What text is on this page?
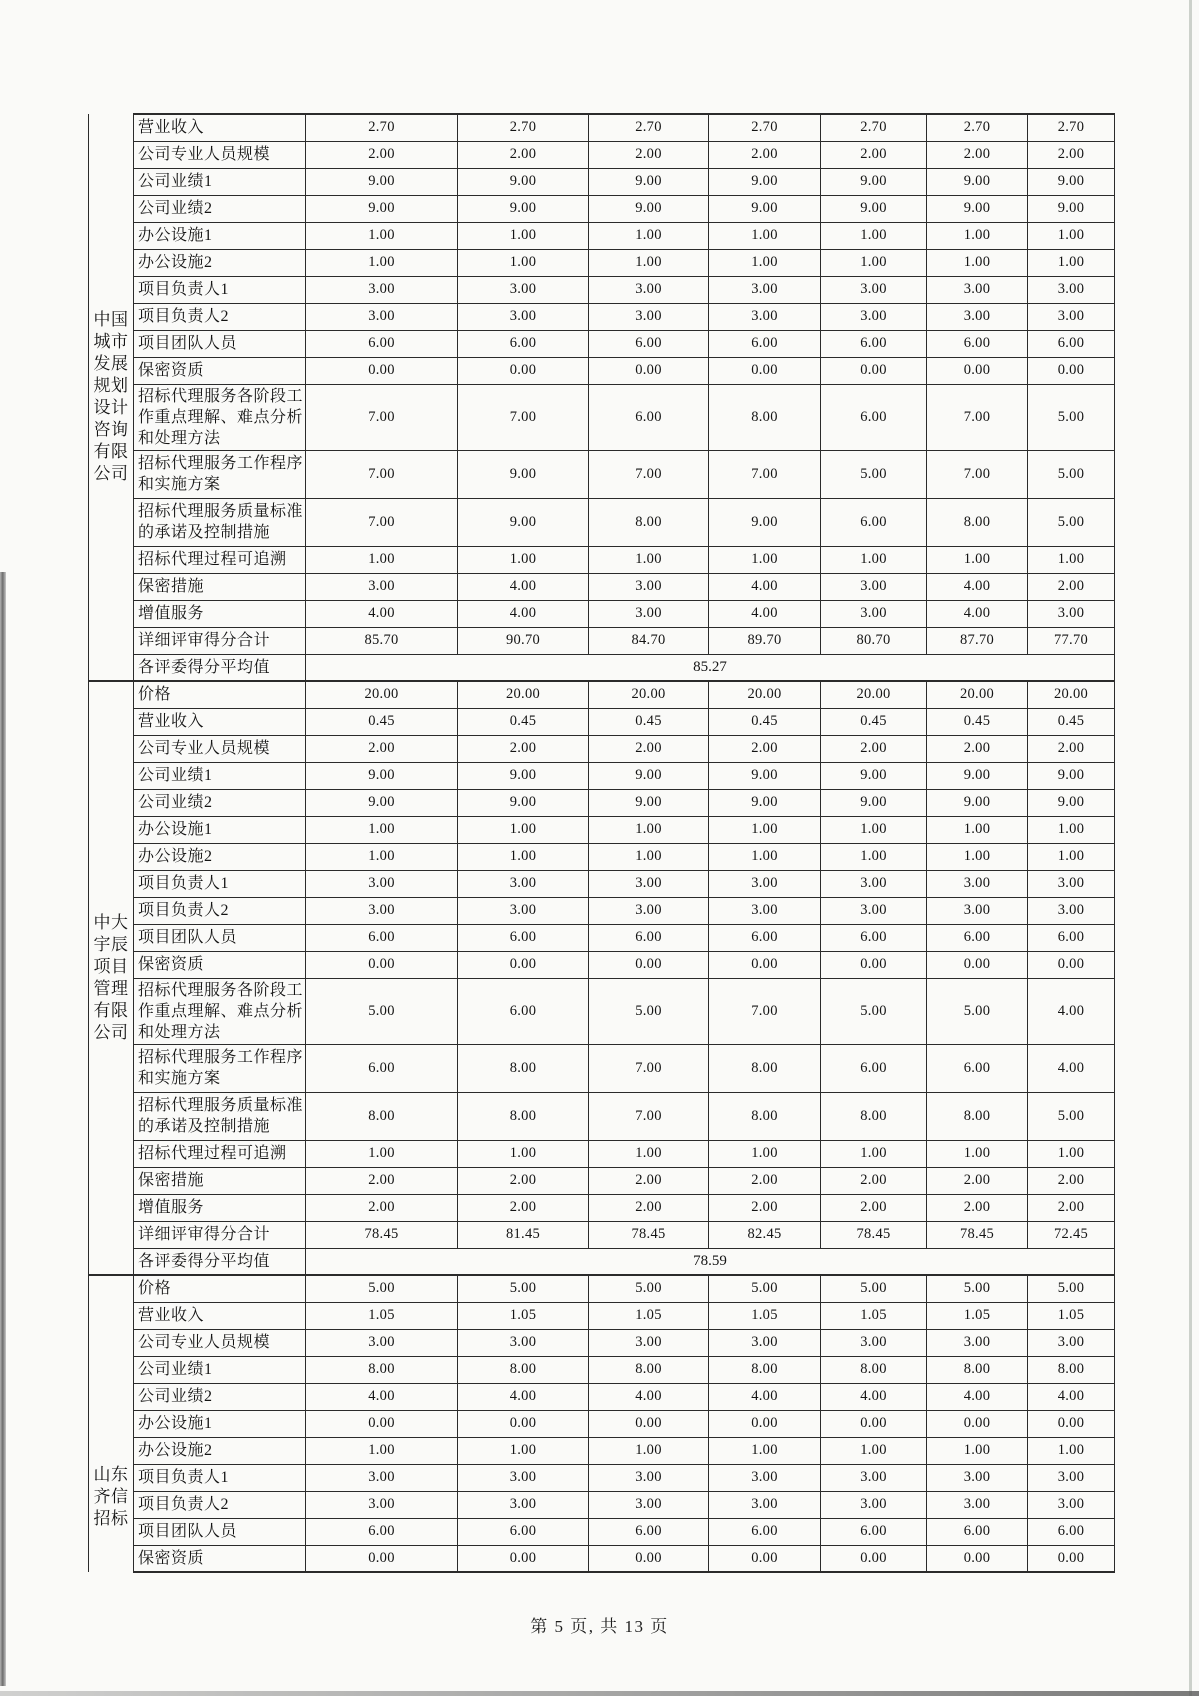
中国城市发展规划设计咨询有限公司	营业收入	2.70	2.70	2.70	2.70	2.70	2.70	2.70
	公司专业人员规模	2.00	2.00	2.00	2.00	2.00	2.00	2.00
	公司业绩1	9.00	9.00	9.00	9.00	9.00	9.00	9.00
	公司业绩2	9.00	9.00	9.00	9.00	9.00	9.00	9.00
	办公设施1	1.00	1.00	1.00	1.00	1.00	1.00	1.00
	办公设施2	1.00	1.00	1.00	1.00	1.00	1.00	1.00
	项目负责人1	3.00	3.00	3.00	3.00	3.00	3.00	3.00
	项目负责人2	3.00	3.00	3.00	3.00	3.00	3.00	3.00
	项目团队人员	6.00	6.00	6.00	6.00	6.00	6.00	6.00
	保密资质	0.00	0.00	0.00	0.00	0.00	0.00	0.00
	招标代理服务各阶段工作重点理解、难点分析和处理方法	7.00	7.00	6.00	8.00	6.00	7.00	5.00
	招标代理服务工作程序和实施方案	7.00	9.00	7.00	7.00	5.00	7.00	5.00
	招标代理服务质量标准的承诺及控制措施	7.00	9.00	8.00	9.00	6.00	8.00	5.00
	招标代理过程可追溯	1.00	1.00	1.00	1.00	1.00	1.00	1.00
	保密措施	3.00	4.00	3.00	4.00	3.00	4.00	2.00
	增值服务	4.00	4.00	3.00	4.00	3.00	4.00	3.00
	详细评审得分合计	85.70	90.70	84.70	89.70	80.70	87.70	77.70
	各评委得分平均值	85.27						
中大宇辰项目管理有限公司	价格	20.00	20.00	20.00	20.00	20.00	20.00	20.00
	营业收入	0.45	0.45	0.45	0.45	0.45	0.45	0.45
	公司专业人员规模	2.00	2.00	2.00	2.00	2.00	2.00	2.00
	公司业绩1	9.00	9.00	9.00	9.00	9.00	9.00	9.00
	公司业绩2	9.00	9.00	9.00	9.00	9.00	9.00	9.00
	办公设施1	1.00	1.00	1.00	1.00	1.00	1.00	1.00
	办公设施2	1.00	1.00	1.00	1.00	1.00	1.00	1.00
	项目负责人1	3.00	3.00	3.00	3.00	3.00	3.00	3.00
	项目负责人2	3.00	3.00	3.00	3.00	3.00	3.00	3.00
	项目团队人员	6.00	6.00	6.00	6.00	6.00	6.00	6.00
	保密资质	0.00	0.00	0.00	0.00	0.00	0.00	0.00
	招标代理服务各阶段工作重点理解、难点分析和处理方法	5.00	6.00	5.00	7.00	5.00	5.00	4.00
	招标代理服务工作程序和实施方案	6.00	8.00	7.00	8.00	6.00	6.00	4.00
	招标代理服务质量标准的承诺及控制措施	8.00	8.00	7.00	8.00	8.00	8.00	5.00
	招标代理过程可追溯	1.00	1.00	1.00	1.00	1.00	1.00	1.00
	保密措施	2.00	2.00	2.00	2.00	2.00	2.00	2.00
	增值服务	2.00	2.00	2.00	2.00	2.00	2.00	2.00
	详细评审得分合计	78.45	81.45	78.45	82.45	78.45	78.45	72.45
	各评委得分平均值	78.59						
山东齐信招标	价格	5.00	5.00	5.00	5.00	5.00	5.00	5.00
	营业收入	1.05	1.05	1.05	1.05	1.05	1.05	1.05
	公司专业人员规模	3.00	3.00	3.00	3.00	3.00	3.00	3.00
	公司业绩1	8.00	8.00	8.00	8.00	8.00	8.00	8.00
	公司业绩2	4.00	4.00	4.00	4.00	4.00	4.00	4.00
	办公设施1	0.00	0.00	0.00	0.00	0.00	0.00	0.00
	办公设施2	1.00	1.00	1.00	1.00	1.00	1.00	1.00
	项目负责人1	3.00	3.00	3.00	3.00	3.00	3.00	3.00
	项目负责人2	3.00	3.00	3.00	3.00	3.00	3.00	3.00
	项目团队人员	6.00	6.00	6.00	6.00	6.00	6.00	6.00
	保密资质	0.00	0.00	0.00	0.00	0.00	0.00	0.00
第 5 页, 共 13 页
